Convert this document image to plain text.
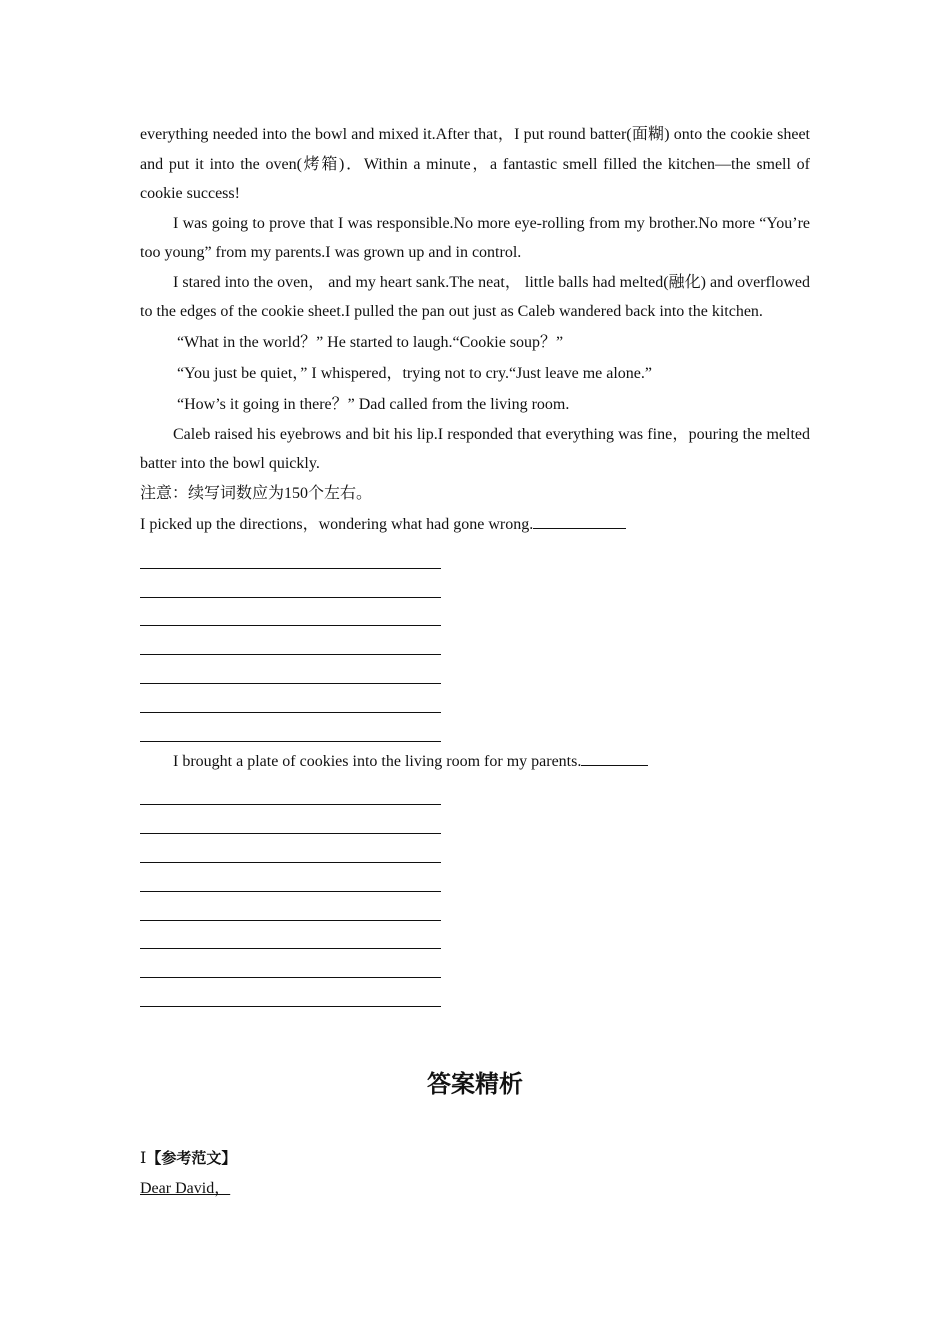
everything needed into the bowl and mixed it.After that，I put round batter(面糊) onto the cookie sheet and put it into the oven(烤箱)．Within a minute，a fantastic smell filled the kitchen—the smell of cookie success!

I was going to prove that I was responsible.No more eye-rolling from my brother.No more “You’re too young” from my parents.I was grown up and in control.

I stared into the oven， and my heart sank.The neat， little balls had melted(融化) and overflowed to the edges of the cookie sheet.I pulled the pan out just as Caleb wandered back into the kitchen.

“What in the world？” He started to laugh.“Cookie soup？”

“You just be quiet，” I whispered，trying not to cry.“Just leave me alone.”

“How’s it going in there？” Dad called from the living room.

Caleb raised his eyebrows and bit his lip.I responded that everything was fine，pouring the melted batter into the bowl quickly.

注意：续写词数应为150个左右。

I picked up the directions，wondering what had gone wrong.

I brought a plate of cookies into the living room for my parents.

答案精析
Ⅰ【参考范文】
Dear David，
